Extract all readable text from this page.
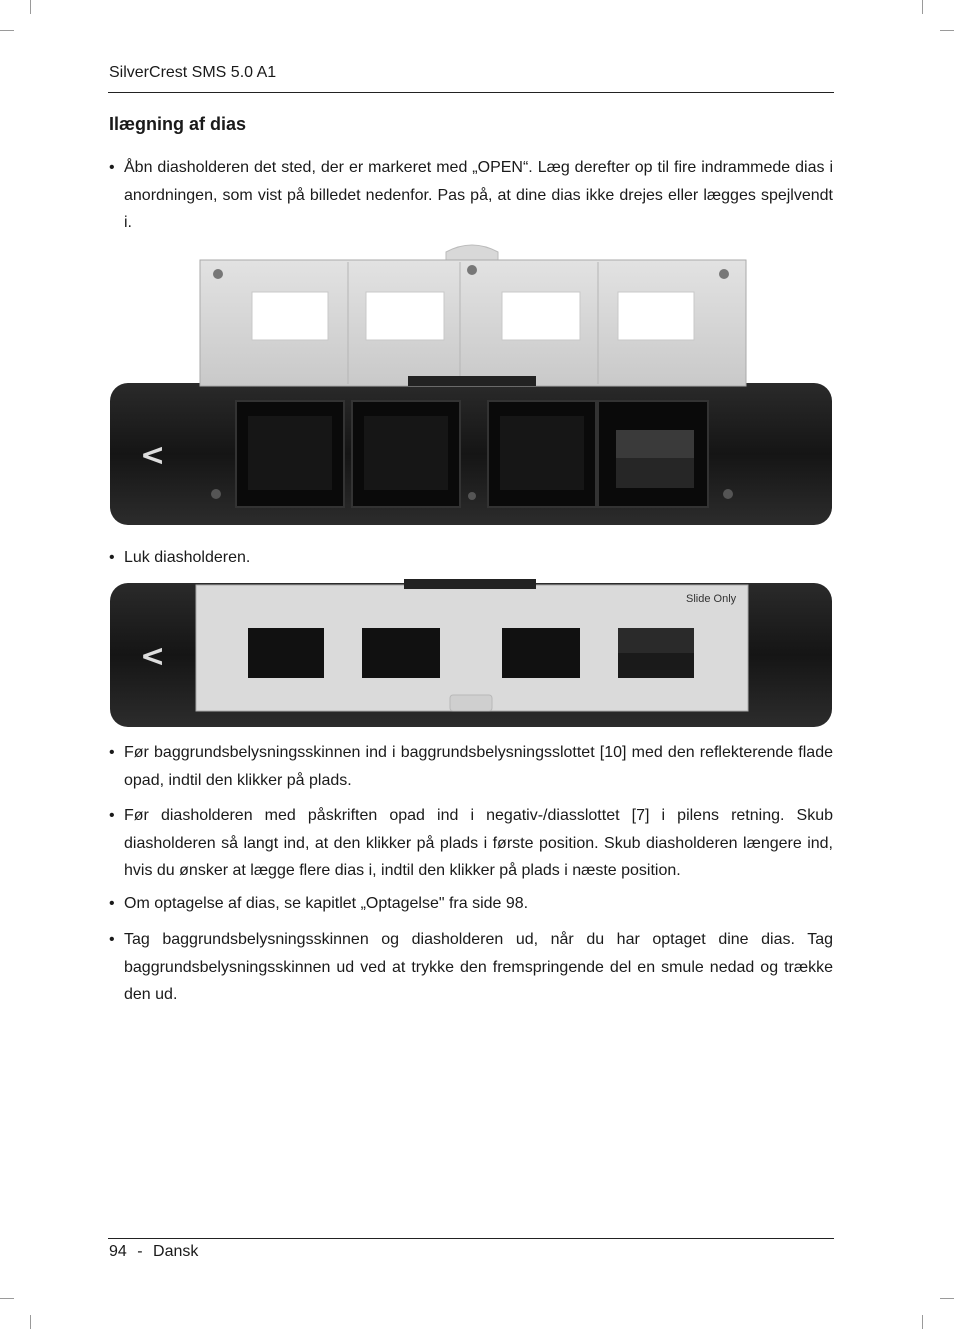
SilverCrest SMS 5.0 A1
Ilægning af dias
• Åbn diasholderen det sted, der er markeret med „OPEN“. Læg derefter op til fire indrammede dias i anordningen, som vist på billedet nedenfor. Pas på, at dine dias ikke drejes eller lægges spejlvendt i.
<
• Luk diasholderen.
Slide Only
<
• Før baggrundsbelysningsskinnen ind i baggrundsbelysningsslottet [10] med den reflekterende flade opad, indtil den klikker på plads.
• Før diasholderen med påskriften opad ind i negativ-/diasslottet [7] i pilens retning. Skub diasholderen så langt ind, at den klikker på plads i første position. Skub diasholderen længere ind, hvis du ønsker at lægge flere dias i, indtil den klikker på plads i næste position.
• Om optagelse af dias, se kapitlet „Optagelse" fra side 98.
• Tag baggrundsbelysningsskinnen og diasholderen ud, når du har optaget dine dias. Tag baggrundsbelysningsskinnen ud ved at trykke den fremspringende del en smule nedad og trække den ud.
94 - Dansk
